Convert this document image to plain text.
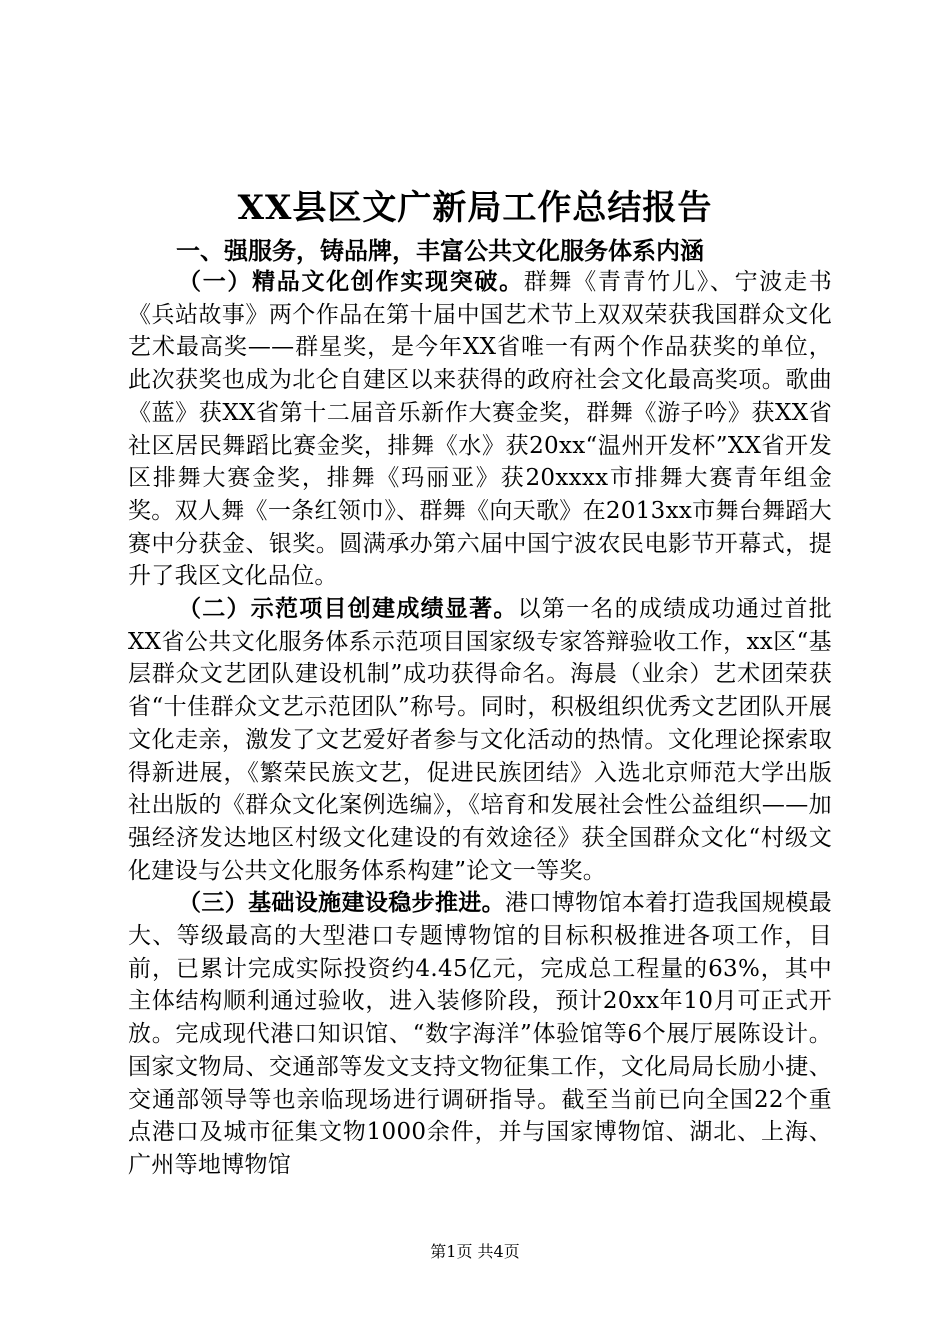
XX县区文广新局工作总结报告
一、强服务，铸品牌，丰富公共文化服务体系内涵

（一）精品文化创作实现突破。群舞《青青竹儿》、宁波走书《兵站故事》两个作品在第十届中国艺术节上双双荣获我国群众文化艺术最高奖——群星奖，是今年XX省唯一有两个作品获奖的单位，此次获奖也成为北仑自建区以来获得的政府社会文化最高奖项。歌曲《蓝》获XX省第十二届音乐新作大赛金奖，群舞《游子吟》获XX省社区居民舞蹈比赛金奖，排舞《水》获20xx“温州开发杯”XX省开发区排舞大赛金奖，排舞《玛丽亚》获20xxxx市排舞大赛青年组金奖。双人舞《一条红领巾》、群舞《向天歌》在2013xx市舞台舞蹈大赛中分获金、银奖。圆满承办第六届中国宁波农民电影节开幕式，提升了我区文化品位。

（二）示范项目创建成绩显著。以第一名的成绩成功通过首批XX省公共文化服务体系示范项目国家级专家答辩验收工作，xx区“基层群众文艺团队建设机制”成功获得命名。海晨（业余）艺术团荣获省“十佳群众文艺示范团队”称号。同时，积极组织优秀文艺团队开展文化走亲，激发了文艺爱好者参与文化活动的热情。文化理论探索取得新进展，《繁荣民族文艺，促进民族团结》入选北京师范大学出版社出版的《群众文化案例选编》，《培育和发展社会性公益组织——加强经济发达地区村级文化建设的有效途径》获全国群众文化“村级文化建设与公共文化服务体系构建”论文一等奖。

（三）基础设施建设稳步推进。港口博物馆本着打造我国规模最大、等级最高的大型港口专题博物馆的目标积极推进各项工作，目前，已累计完成实际投资约4.45亿元，完成总工程量的63%，其中主体结构顺利通过验收，进入装修阶段，预计20xx年10月可正式开放。完成现代港口知识馆、“数字海洋”体验馆等6个展厅展陈设计。国家文物局、交通部等发文支持文物征集工作，文化局局长励小捷、交通部领导等也亲临现场进行调研指导。截至当前已向全国22个重点港口及城市征集文物1000余件，并与国家博物馆、湖北、上海、广州等地博物馆

第1页 共4页
